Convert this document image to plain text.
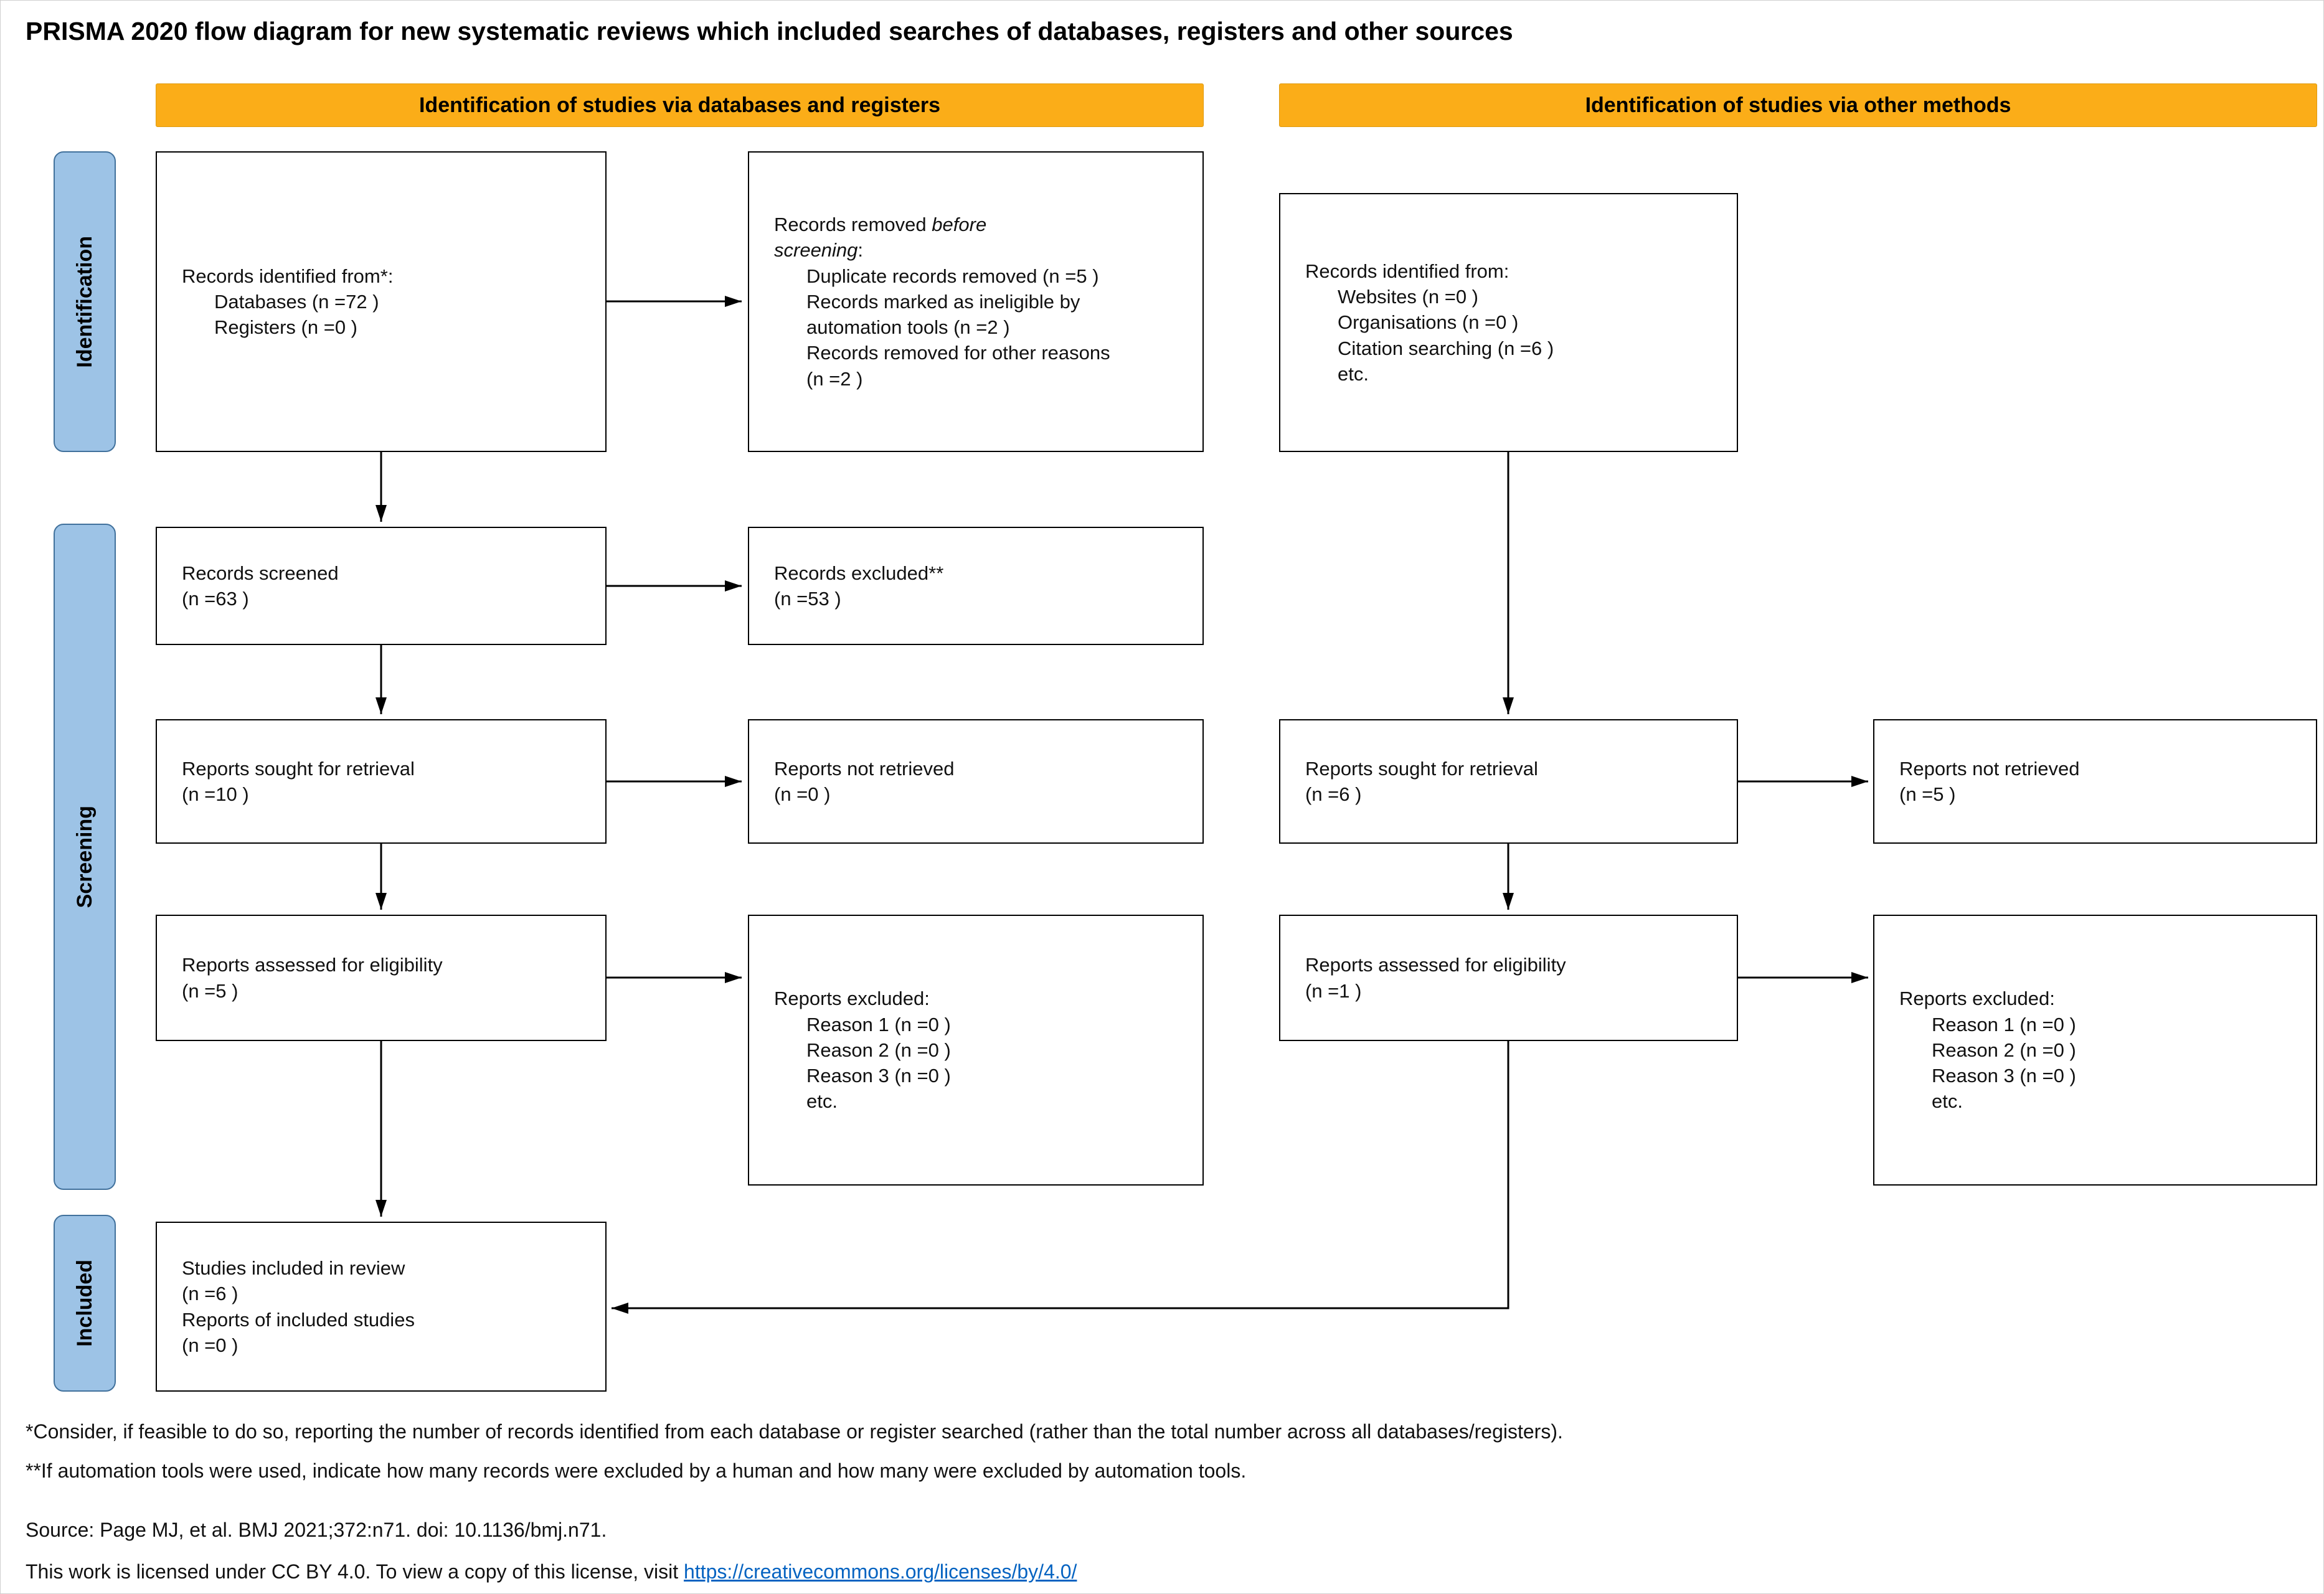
PRISMA 2020 flow diagram for new systematic reviews which included searches of databases, registers and other sources
Identification of studies via databases and registers	Identification of studies via other methods
Identification
Screening
Included
Records identified from*:
Databases (n =72 )
Registers (n =0 )
Records removed before screening:
Duplicate records removed (n =5 )
Records marked as ineligible by automation tools (n =2 )
Records removed for other reasons (n =2 )
Records screened
(n =63 )
Records excluded**
(n =53 )
Reports sought for retrieval
(n =10 )
Reports not retrieved
(n =0 )
Reports assessed for eligibility
(n =5 )	Reports excluded:
Reason 1 (n =0 )
Reason 2 (n =0 )
Reason 3 (n =0 )
etc.
Records identified from:
Websites (n =0 )
Organisations (n =0 )
Citation searching (n =6 )
etc.
Reports sought for retrieval
(n =6 )
Reports not retrieved
(n =5 )
Reports assessed for eligibility
(n =1 )	Reports excluded:
Reason 1 (n =0 )
Reason 2 (n =0 )
Reason 3 (n =0 )
etc.
Studies included in review
(n =6 )
Reports of included studies
(n =0 )
*Consider, if feasible to do so, reporting the number of records identified from each database or register searched (rather than the total number across all databases/registers).
**If automation tools were used, indicate how many records were excluded by a human and how many were excluded by automation tools.
Source: Page MJ, et al. BMJ 2021;372:n71. doi: 10.1136/bmj.n71.
This work is licensed under CC BY 4.0. To view a copy of this license, visit https://creativecommons.org/licenses/by/4.0/
